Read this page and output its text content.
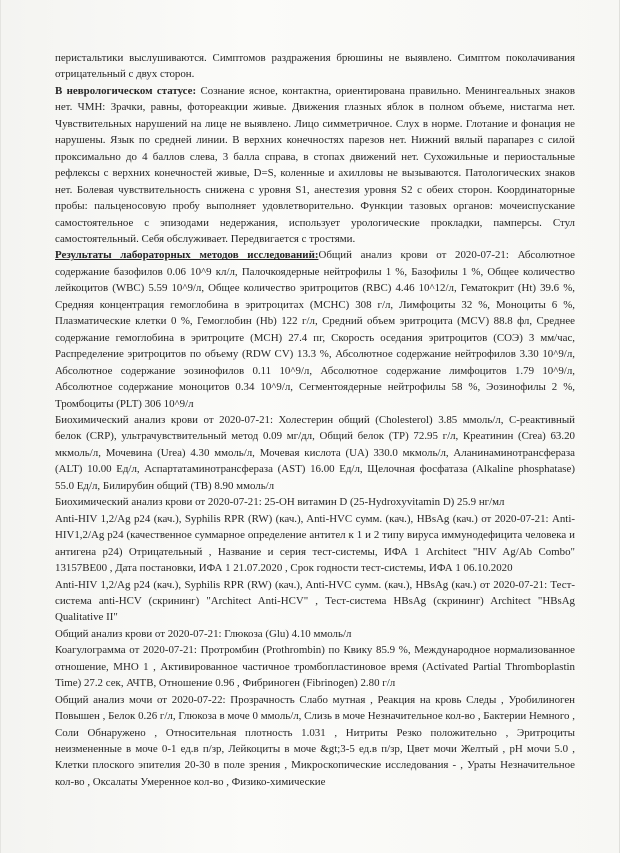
перистальтики выслушиваются. Симптомов раздражения брюшины не выявлено. Симптом поколачивания отрицательный с двух сторон.

В неврологическом статусе: Сознание ясное, контактна, ориентирована правильно. Менингеальных знаков нет. ЧМН: Зрачки, равны, фотореакции живые. Движения глазных яблок в полном объеме, нистагма нет. Чувствительных нарушений на лице не выявлено. Лицо симметричное. Слух в норме. Глотание и фонация не нарушены. Язык по средней линии. В верхних конечностях парезов нет. Нижний вялый парапарез с силой проксимально до 4 баллов слева, 3 балла справа, в стопах движений нет. Сухожильные и периостальные рефлексы с верхних конечностей живые, D=S, коленные и ахилловы не вызываются. Патологических знаков нет. Болевая чувствительность снижена с уровня S1, анестезия уровня S2 с обеих сторон. Координаторные пробы: пальценосовую пробу выполняет удовлетворительно. Функции тазовых органов: мочеиспускание самостоятельное с эпизодами недержания, использует урологические прокладки, памперсы. Стул самостоятельный. Себя обслуживает. Передвигается с тростями.

Результаты лабораторных методов исследований:Общий анализ крови от 2020-07-21: Абсолютное содержание базофилов 0.06 10^9 кл/л, Палочкоядерные нейтрофилы 1 %, Базофилы 1 %, Общее количество лейкоцитов (WBC) 5.59 10^9/л, Общее количество эритроцитов (RBC) 4.46 10^12/л, Гематокрит (Ht) 39.6 %, Средняя концентрация гемоглобина в эритроцитах (MCHC) 308 г/л, Лимфоциты 32 %, Моноциты 6 %, Плазматические клетки 0 %, Гемоглобин (Hb) 122 г/л, Средний объем эритроцита (MCV) 88.8 фл, Среднее содержание гемоглобина в эритроците (MCH) 27.4 пг, Скорость оседания эритроцитов (СОЭ) 3 мм/час, Распределение эритроцитов по объему (RDW CV) 13.3 %, Абсолютное содержание нейтрофилов 3.30 10^9/л, Абсолютное содержание эозинофилов 0.11 10^9/л, Абсолютное содержание лимфоцитов 1.79 10^9/л, Абсолютное содержание моноцитов 0.34 10^9/л, Сегментоядерные нейтрофилы 58 %, Эозинофилы 2 %, Тромбоциты (PLT) 306 10^9/л

Биохимический анализ крови от 2020-07-21: Холестерин общий (Cholesterol) 3.85 ммоль/л, С-реактивный белок (CRP), ультрачувствительный метод 0.09 мг/дл, Общий белок (TP) 72.95 г/л, Креатинин (Crea) 63.20 мкмоль/л, Мочевина (Urea) 4.30 ммоль/л, Мочевая кислота (UA) 330.0 мкмоль/л, Аланинаминотрансфераза (ALT) 10.00 Ед/л, Аспартатаминотрансфераза (AST) 16.00 Ед/л, Щелочная фосфатаза (Alkaline phosphatase) 55.0 Ед/л, Билирубин общий (TB) 8.90 ммоль/л

Биохимический анализ крови от 2020-07-21: 25-OH витамин D (25-Hydroxyvitamin D) 25.9 нг/мл

Anti-HIV 1,2/Ag p24 (кач.), Syphilis RPR (RW) (кач.), Anti-HVC сумм. (кач.), HBsAg (кач.) от 2020-07-21: Anti-HIV1,2/Ag p24 (качественное суммарное определение антител к 1 и 2 типу вируса иммунодефицита человека и антигена p24) Отрицательный , Название и серия тест-системы, ИФА 1 Architect "HIV Ag/Ab Combo" 13157BE00 , Дата постановки, ИФА 1 21.07.2020 , Срок годности тест-системы, ИФА 1 06.10.2020

Anti-HIV 1,2/Ag p24 (кач.), Syphilis RPR (RW) (кач.), Anti-HVC сумм. (кач.), HBsAg (кач.) от 2020-07-21: Тест-система anti-HCV (скрининг) "Architect Anti-HCV" , Тест-система HBsAg (скрининг) Architect "HBsAg Qualitative II"

Общий анализ крови от 2020-07-21: Глюкоза (Glu) 4.10 ммоль/л

Коагулограмма от 2020-07-21: Протромбин (Prothrombin) по Квику 85.9 %, Международное нормализованное отношение, МНО 1 , Активированное частичное тромбопластиновое время (Activated Partial Thromboplastin Time) 27.2 сек, АЧТВ, Отношение 0.96 , Фибриноген (Fibrinogen) 2.80 г/л

Общий анализ мочи от 2020-07-22: Прозрачность Слабо мутная , Реакция на кровь Следы , Уробилиноген Повышен , Белок 0.26 г/л, Глюкоза в моче 0 ммоль/л, Слизь в моче Незначительное кол-во , Бактерии Немного , Соли Обнаружено , Относительная плотность 1.031 , Нитриты Резко положительно , Эритроциты неизмененные в моче 0-1 ед.в п/зр, Лейкоциты в моче &gt;3-5 ед.в п/зр, Цвет мочи Желтый , pH мочи 5.0 , Клетки плоского эпителия 20-30 в поле зрения , Микроскопические исследования - , Ураты Незначительное кол-во , Оксалаты Умеренное кол-во , Физико-химические
